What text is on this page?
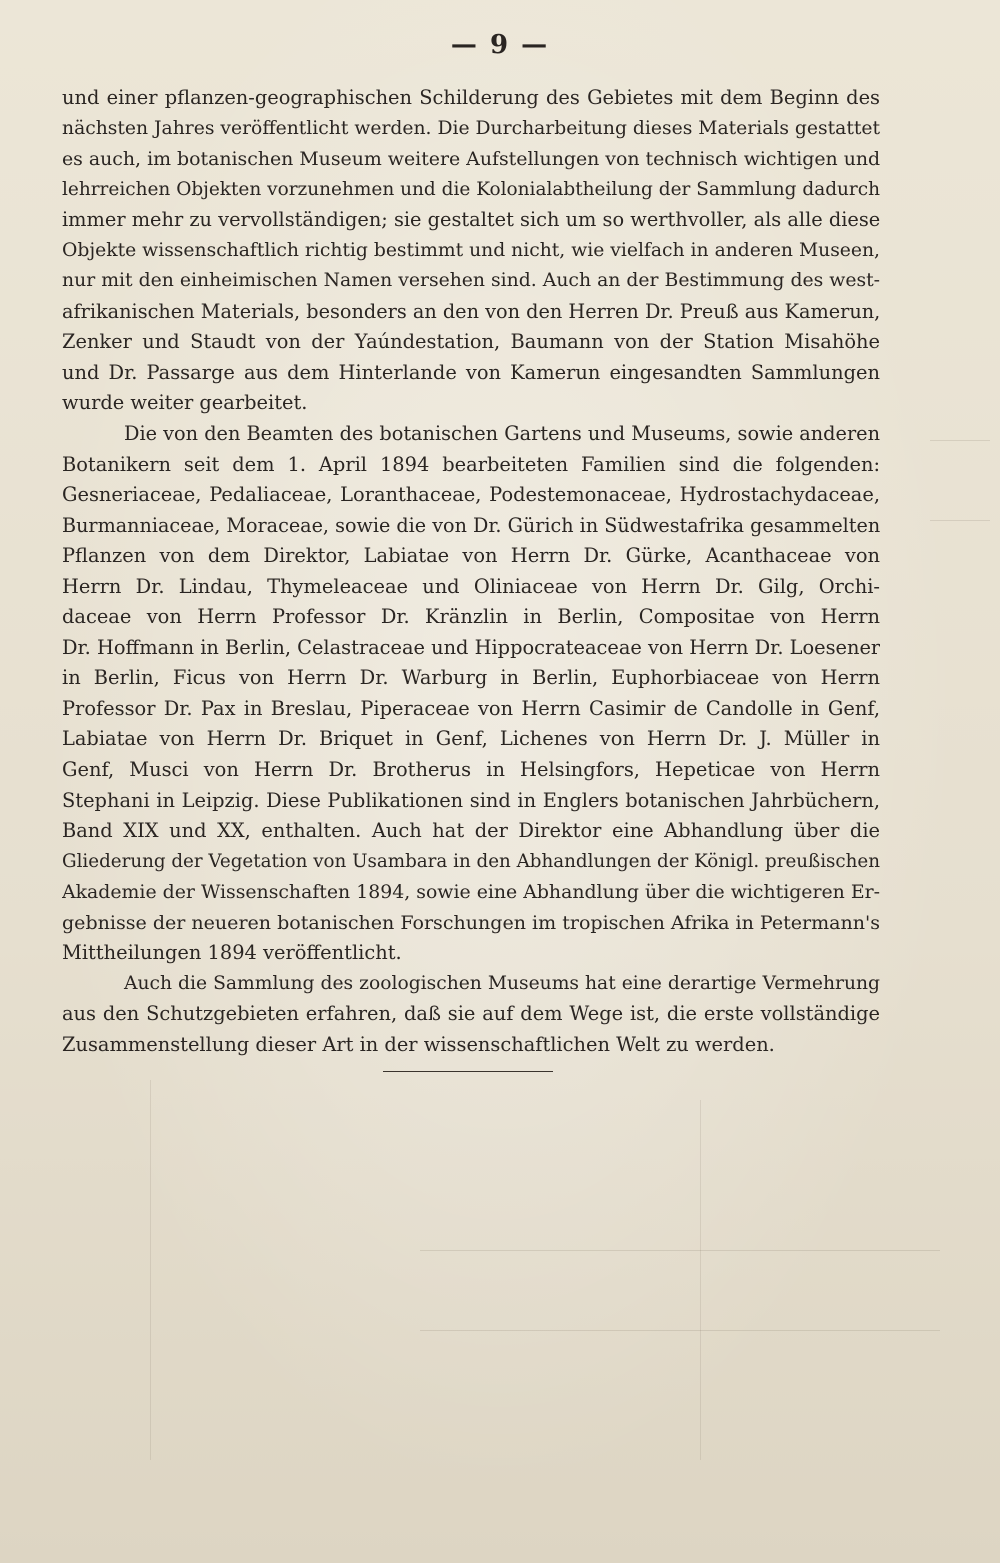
— 9 —

und einer pflanzen-geographischen Schilderung des Gebietes mit dem Beginn des
nächsten Jahres veröffentlicht werden. Die Durcharbeitung dieses Materials gestattet
es auch, im botanischen Museum weitere Aufstellungen von technisch wichtigen und
lehrreichen Objekten vorzunehmen und die Kolonialabtheilung der Sammlung dadurch
immer mehr zu vervollständigen; sie gestaltet sich um so werthvoller, als alle diese
Objekte wissenschaftlich richtig bestimmt und nicht, wie vielfach in anderen Museen,
nur mit den einheimischen Namen versehen sind. Auch an der Bestimmung des west-
afrikanischen Materials, besonders an den von den Herren Dr. Preuß aus Kamerun,
Zenker und Staudt von der Yaúndestation, Baumann von der Station Misahöhe
und Dr. Passarge aus dem Hinterlande von Kamerun eingesandten Sammlungen
wurde weiter gearbeitet.

Die von den Beamten des botanischen Gartens und Museums, sowie anderen
Botanikern seit dem 1. April 1894 bearbeiteten Familien sind die folgenden:
Gesneriaceae, Pedaliaceae, Loranthaceae, Podestemonaceae, Hydrostachydaceae,
Burmanniaceae, Moraceae, sowie die von Dr. Gürich in Südwestafrika gesammelten
Pflanzen von dem Direktor, Labiatae von Herrn Dr. Gürke, Acanthaceae von
Herrn Dr. Lindau, Thymeleaceae und Oliniaceae von Herrn Dr. Gilg, Orchi-
daceae von Herrn Professor Dr. Kränzlin in Berlin, Compositae von Herrn
Dr. Hoffmann in Berlin, Celastraceae und Hippocrateaceae von Herrn Dr. Loesener
in Berlin, Ficus von Herrn Dr. Warburg in Berlin, Euphorbiaceae von Herrn
Professor Dr. Pax in Breslau, Piperaceae von Herrn Casimir de Candolle in Genf,
Labiatae von Herrn Dr. Briquet in Genf, Lichenes von Herrn Dr. J. Müller in
Genf, Musci von Herrn Dr. Brotherus in Helsingfors, Hepeticae von Herrn
Stephani in Leipzig. Diese Publikationen sind in Englers botanischen Jahrbüchern,
Band XIX und XX, enthalten. Auch hat der Direktor eine Abhandlung über die
Gliederung der Vegetation von Usambara in den Abhandlungen der Königl. preußischen
Akademie der Wissenschaften 1894, sowie eine Abhandlung über die wichtigeren Er-
gebnisse der neueren botanischen Forschungen im tropischen Afrika in Petermann's
Mittheilungen 1894 veröffentlicht.

Auch die Sammlung des zoologischen Museums hat eine derartige Vermehrung
aus den Schutzgebieten erfahren, daß sie auf dem Wege ist, die erste vollständige
Zusammenstellung dieser Art in der wissenschaftlichen Welt zu werden.
